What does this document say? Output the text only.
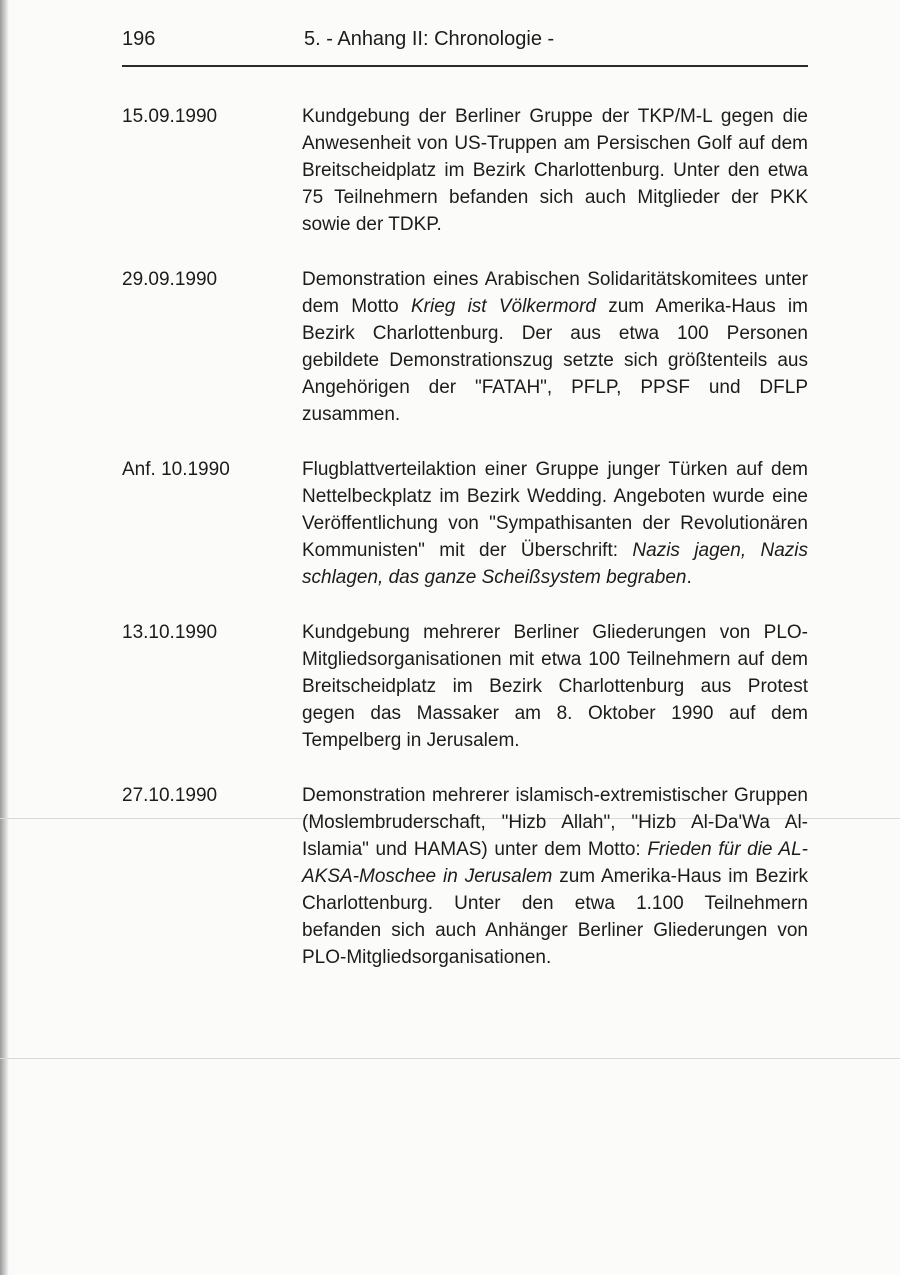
196	5. - Anhang II: Chronologie -
15.09.1990	Kundgebung der Berliner Gruppe der TKP/M-L gegen die Anwesenheit von US-Truppen am Persischen Golf auf dem Breitscheidplatz im Bezirk Charlottenburg. Unter den etwa 75 Teilnehmern befanden sich auch Mitglieder der PKK sowie der TDKP.
29.09.1990	Demonstration eines Arabischen Solidaritätskomitees unter dem Motto Krieg ist Völkermord zum Amerika-Haus im Bezirk Charlottenburg. Der aus etwa 100 Personen gebildete Demonstrationszug setzte sich größtenteils aus Angehörigen der "FATAH", PFLP, PPSF und DFLP zusammen.
Anf. 10.1990	Flugblattverteilaktion einer Gruppe junger Türken auf dem Nettelbeckplatz im Bezirk Wedding. Angeboten wurde eine Veröffentlichung von "Sympathisanten der Revolutionären Kommunisten" mit der Überschrift: Nazis jagen, Nazis schlagen, das ganze Scheißsystem begraben.
13.10.1990	Kundgebung mehrerer Berliner Gliederungen von PLO-Mitgliedsorganisationen mit etwa 100 Teilnehmern auf dem Breitscheidplatz im Bezirk Charlottenburg aus Protest gegen das Massaker am 8. Oktober 1990 auf dem Tempelberg in Jerusalem.
27.10.1990	Demonstration mehrerer islamisch-extremistischer Gruppen (Moslembruderschaft, "Hizb Allah", "Hizb Al-Da'Wa Al-Islamia" und HAMAS) unter dem Motto: Frieden für die AL-AKSA-Moschee in Jerusalem zum Amerika-Haus im Bezirk Charlottenburg. Unter den etwa 1.100 Teilnehmern befanden sich auch Anhänger Berliner Gliederungen von PLO-Mitgliedsorganisationen.
